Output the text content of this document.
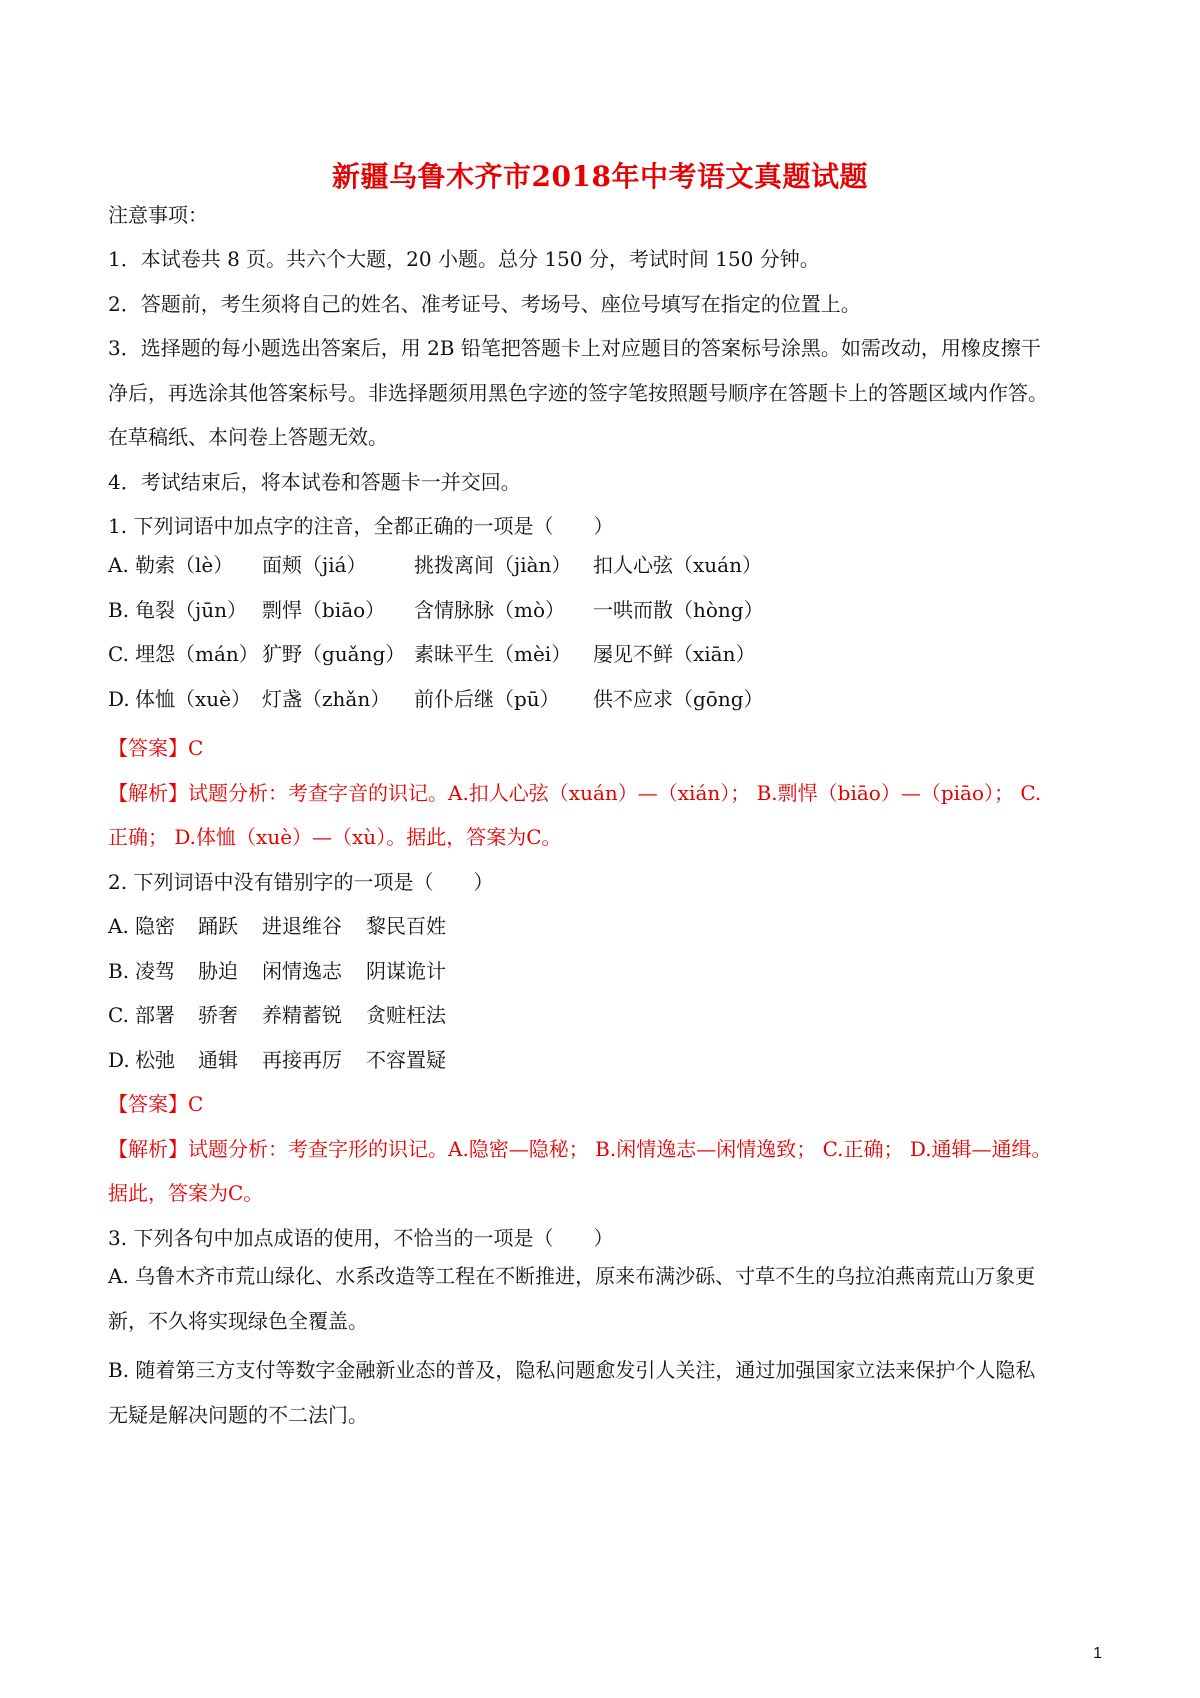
新疆乌鲁木齐市2018年中考语文真题试题
注意事项：
1．本试卷共 8 页。共六个大题，20 小题。总分 150 分，考试时间 150 分钟。
2．答题前，考生须将自己的姓名、准考证号、考场号、座位号填写在指定的位置上。
3．选择题的每小题选出答案后，用 2B 铅笔把答题卡上对应题目的答案标号涂黑。如需改动，用橡皮擦干
净后，再选涂其他答案标号。非选择题须用黑色字迹的签字笔按照题号顺序在答题卡上的答题区域内作答。
在草稿纸、本问卷上答题无效。
4．考试结束后，将本试卷和答题卡一并交回。
1. 下列词语中加点字的注音，全都正确的一项是（　　）
A. 勒索（lè） 面颊（jiá） 挑拨离间（jiàn） 扣人心弦（xuán）
B. 龟裂（jūn） 剽悍（biāo） 含情脉脉（mò） 一哄而散（hòng）
C. 埋怨（mán） 犷野（guǎng） 素昧平生（mèi） 屡见不鲜（xiān）
D. 体恤（xuè） 灯盏（zhǎn） 前仆后继（pū） 供不应求（gōng）
【答案】C
【解析】试题分析：考查字音的识记。A.扣人心弦（xuán）—（xián）； B.剽悍（biāo）—（piāo）； C.
正确； D.体恤（xuè）—（xù）。据此，答案为C。
2. 下列词语中没有错别字的一项是（　　）
A. 隐密 踊跃 进退维谷 黎民百姓
B. 凌驾 胁迫 闲情逸志 阴谋诡计
C. 部署 骄奢 养精蓄锐 贪赃枉法
D. 松弛 通辑 再接再厉 不容置疑
【答案】C
【解析】试题分析：考查字形的识记。A.隐密—隐秘； B.闲情逸志—闲情逸致； C.正确； D.通辑—通缉。
据此，答案为C。
3. 下列各句中加点成语的使用，不恰当的一项是（　　）
A. 乌鲁木齐市荒山绿化、水系改造等工程在不断推进，原来布满沙砾、寸草不生的乌拉泊燕南荒山万象更
新，不久将实现绿色全覆盖。
B. 随着第三方支付等数字金融新业态的普及，隐私问题愈发引人关注，通过加强国家立法来保护个人隐私
无疑是解决问题的不二法门。
1
